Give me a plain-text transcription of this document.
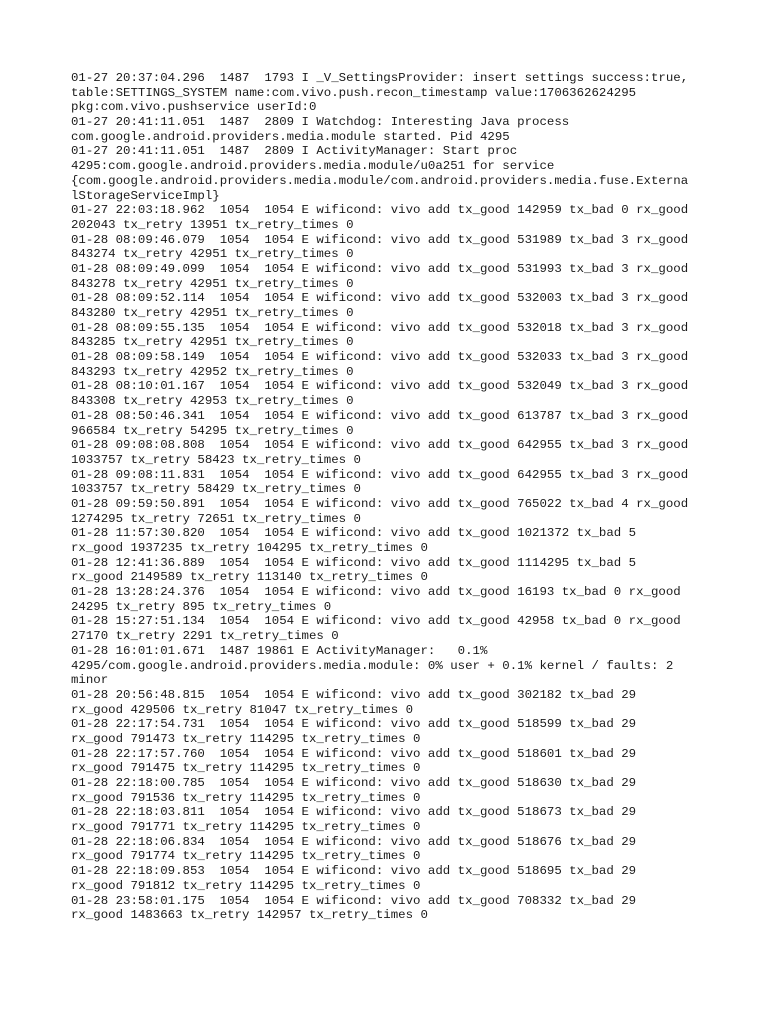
01-27 20:37:04.296  1487  1793 I _V_SettingsProvider: insert settings success:true,
table:SETTINGS_SYSTEM name:com.vivo.push.recon_timestamp value:1706362624295
pkg:com.vivo.pushservice userId:0
01-27 20:41:11.051  1487  2809 I Watchdog: Interesting Java process
com.google.android.providers.media.module started. Pid 4295
01-27 20:41:11.051  1487  2809 I ActivityManager: Start proc
4295:com.google.android.providers.media.module/u0a251 for service
{com.google.android.providers.media.module/com.android.providers.media.fuse.Externa
lStorageServiceImpl}
01-27 22:03:18.962  1054  1054 E wificond: vivo add tx_good 142959 tx_bad 0 rx_good
202043 tx_retry 13951 tx_retry_times 0
01-28 08:09:46.079  1054  1054 E wificond: vivo add tx_good 531989 tx_bad 3 rx_good
843274 tx_retry 42951 tx_retry_times 0
01-28 08:09:49.099  1054  1054 E wificond: vivo add tx_good 531993 tx_bad 3 rx_good
843278 tx_retry 42951 tx_retry_times 0
01-28 08:09:52.114  1054  1054 E wificond: vivo add tx_good 532003 tx_bad 3 rx_good
843280 tx_retry 42951 tx_retry_times 0
01-28 08:09:55.135  1054  1054 E wificond: vivo add tx_good 532018 tx_bad 3 rx_good
843285 tx_retry 42951 tx_retry_times 0
01-28 08:09:58.149  1054  1054 E wificond: vivo add tx_good 532033 tx_bad 3 rx_good
843293 tx_retry 42952 tx_retry_times 0
01-28 08:10:01.167  1054  1054 E wificond: vivo add tx_good 532049 tx_bad 3 rx_good
843308 tx_retry 42953 tx_retry_times 0
01-28 08:50:46.341  1054  1054 E wificond: vivo add tx_good 613787 tx_bad 3 rx_good
966584 tx_retry 54295 tx_retry_times 0
01-28 09:08:08.808  1054  1054 E wificond: vivo add tx_good 642955 tx_bad 3 rx_good
1033757 tx_retry 58423 tx_retry_times 0
01-28 09:08:11.831  1054  1054 E wificond: vivo add tx_good 642955 tx_bad 3 rx_good
1033757 tx_retry 58429 tx_retry_times 0
01-28 09:59:50.891  1054  1054 E wificond: vivo add tx_good 765022 tx_bad 4 rx_good
1274295 tx_retry 72651 tx_retry_times 0
01-28 11:57:30.820  1054  1054 E wificond: vivo add tx_good 1021372 tx_bad 5
rx_good 1937235 tx_retry 104295 tx_retry_times 0
01-28 12:41:36.889  1054  1054 E wificond: vivo add tx_good 1114295 tx_bad 5
rx_good 2149589 tx_retry 113140 tx_retry_times 0
01-28 13:28:24.376  1054  1054 E wificond: vivo add tx_good 16193 tx_bad 0 rx_good
24295 tx_retry 895 tx_retry_times 0
01-28 15:27:51.134  1054  1054 E wificond: vivo add tx_good 42958 tx_bad 0 rx_good
27170 tx_retry 2291 tx_retry_times 0
01-28 16:01:01.671  1487 19861 E ActivityManager:   0.1%
4295/com.google.android.providers.media.module: 0% user + 0.1% kernel / faults: 2
minor
01-28 20:56:48.815  1054  1054 E wificond: vivo add tx_good 302182 tx_bad 29
rx_good 429506 tx_retry 81047 tx_retry_times 0
01-28 22:17:54.731  1054  1054 E wificond: vivo add tx_good 518599 tx_bad 29
rx_good 791473 tx_retry 114295 tx_retry_times 0
01-28 22:17:57.760  1054  1054 E wificond: vivo add tx_good 518601 tx_bad 29
rx_good 791475 tx_retry 114295 tx_retry_times 0
01-28 22:18:00.785  1054  1054 E wificond: vivo add tx_good 518630 tx_bad 29
rx_good 791536 tx_retry 114295 tx_retry_times 0
01-28 22:18:03.811  1054  1054 E wificond: vivo add tx_good 518673 tx_bad 29
rx_good 791771 tx_retry 114295 tx_retry_times 0
01-28 22:18:06.834  1054  1054 E wificond: vivo add tx_good 518676 tx_bad 29
rx_good 791774 tx_retry 114295 tx_retry_times 0
01-28 22:18:09.853  1054  1054 E wificond: vivo add tx_good 518695 tx_bad 29
rx_good 791812 tx_retry 114295 tx_retry_times 0
01-28 23:58:01.175  1054  1054 E wificond: vivo add tx_good 708332 tx_bad 29
rx_good 1483663 tx_retry 142957 tx_retry_times 0
